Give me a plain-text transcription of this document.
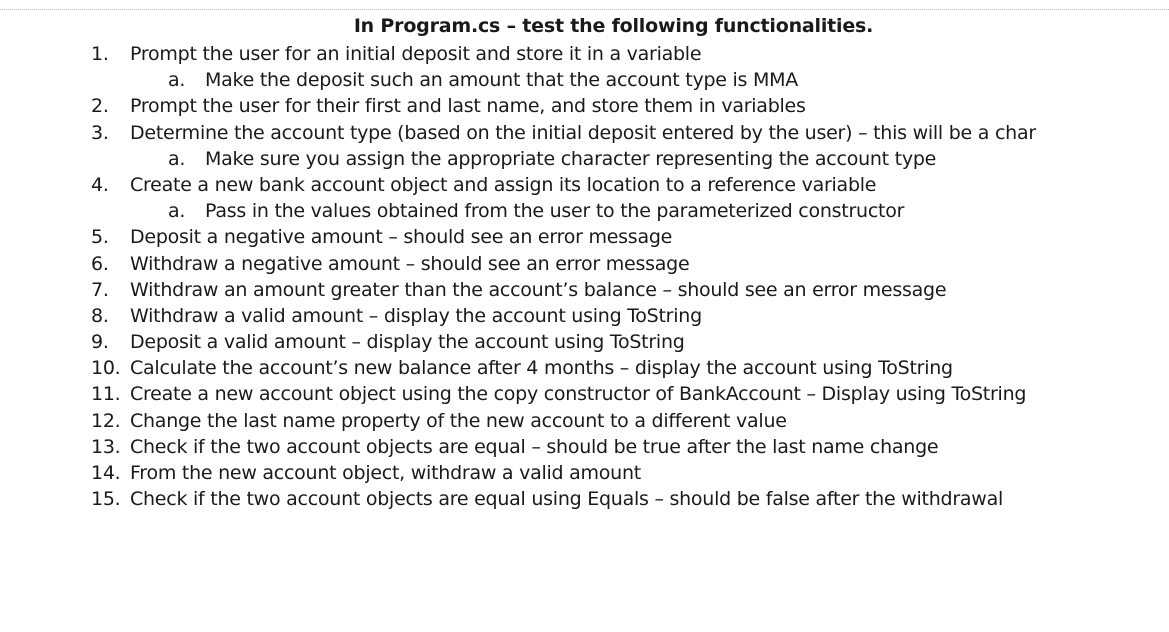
In Program.cs – test the following functionalities.
1. Prompt the user for an initial deposit and store it in a variable
a. Make the deposit such an amount that the account type is MMA
2. Prompt the user for their first and last name, and store them in variables
3. Determine the account type (based on the initial deposit entered by the user) – this will be a char
a. Make sure you assign the appropriate character representing the account type
4. Create a new bank account object and assign its location to a reference variable
a. Pass in the values obtained from the user to the parameterized constructor
5. Deposit a negative amount – should see an error message
6. Withdraw a negative amount – should see an error message
7. Withdraw an amount greater than the account’s balance – should see an error message
8. Withdraw a valid amount – display the account using ToString
9. Deposit a valid amount – display the account using ToString
10. Calculate the account’s new balance after 4 months – display the account using ToString
11. Create a new account object using the copy constructor of BankAccount – Display using ToString
12. Change the last name property of the new account to a different value
13. Check if the two account objects are equal – should be true after the last name change
14. From the new account object, withdraw a valid amount
15. Check if the two account objects are equal using Equals – should be false after the withdrawal
